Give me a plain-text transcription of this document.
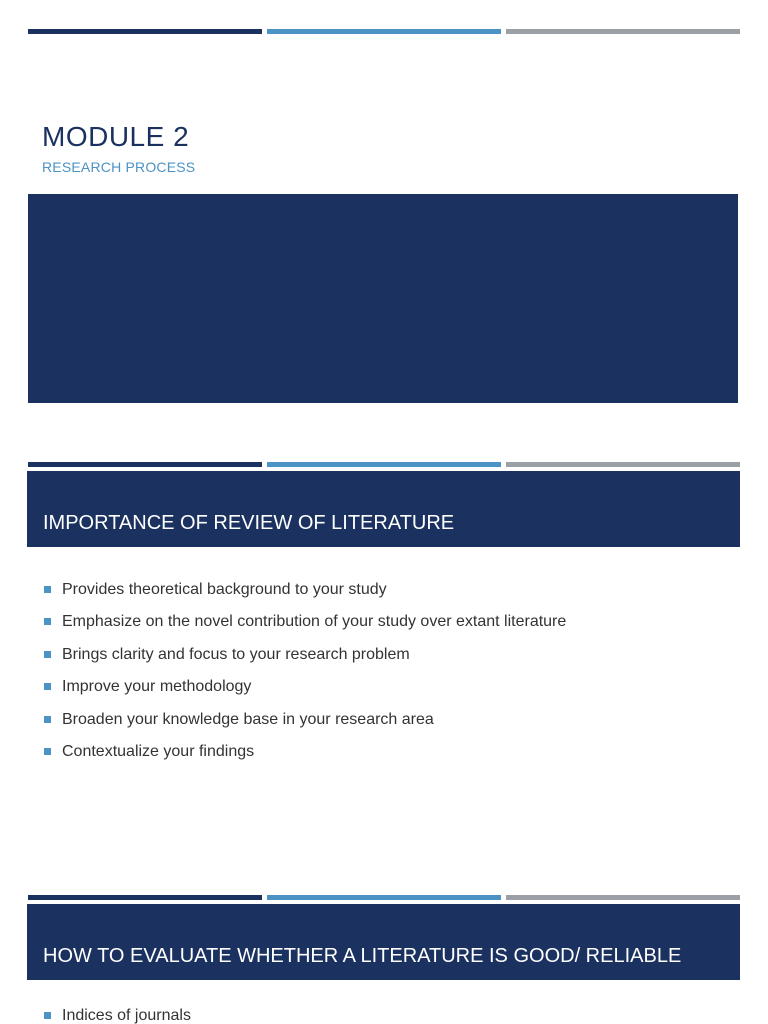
MODULE 2
RESEARCH PROCESS
IMPORTANCE OF REVIEW OF LITERATURE
Provides theoretical background to your study
Emphasize on the novel contribution of your study over extant literature
Brings clarity and focus to your research problem
Improve your methodology
Broaden your knowledge base in your research area
Contextualize your findings
HOW TO EVALUATE WHETHER A LITERATURE IS GOOD/ RELIABLE
Indices of journals
